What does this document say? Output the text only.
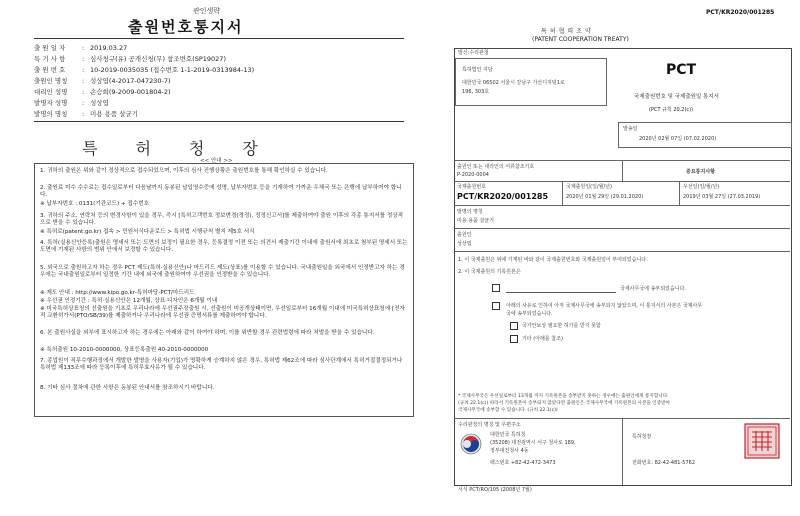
관인생략
출원번호통지서
출 원 일 자	: 2019.03.27
특 기 사 항	: 심사청구(유) 공개신청(무) 참조번호(SP19027)
출 원 번 호	: 10-2019-0035035 (접수번호 1-1-2019-0313984-13)
출원인 명칭 : 성상엽(4-2017-047230-7)
대리인 성명 : 손승희(9-2009-001804-2)
발명자 성명 : 성상엽
발명의 명칭 : 미용 용품 살균기
특허청장
<< 안내 >>

1. 귀하의 출원은 위와 같이 정상적으로 접수되었으며, 이후의 심사 진행상황은 출원번호를 통해 확인하실 수 있습니다.

2. 출원료 미수 수수료는 접수일로부터 다음날까지 동봉된 납입영수증에 성명, 납부자번호 등을 기재하여 가까운 우체국 또는 은행에 납부하여야 합니다.

※ 납부자번호 : 0131(기관코드) + 접수번호

3. 귀하의 주소, 연락처 등의 변경사항이 있을 경우, 즉시 [특허고객번호 정보변경(경정), 정정신고서]를 제출하여야 출원 이후의 각종 통지서를 정상적으로 받을 수 있습니다.

※ 특허로(patent.go.kr) 접속 > 민원서식다운로드 > 특허법 시행규칙 별지 제5호 서식

4. 특허(실용신안등록)출원은 명세서 또는 도면의 보정이 필요한 경우, 등록결정 이전 또는 의견서 제출기간 이내에 출원서에 최초로 첨부된 명세서 또는 도면에 기재된 사항의 범위 안에서 보정할 수 있습니다.

5. 외국으로 출원하고자 하는 경우 PCT 제도(특허·실용신안)나 마드리드 제도(상표)를 이용할 수 있습니다. 국내출원일을 외국에서 인정받고자 하는 경우에는 국내출원일로부터 일정한 기간 내에 외국에 출원하여야 우선권을 인정받을 수 있습니다.

※ 제도 안내 : http://www.kipo.go.kr-특허마당-PCT/마드리드

※ 우선권 인정기간 : 특허·실용신안은 12개월, 상표·디자인은 6개월 이내

※ 미국특허상표청의 선출원을 기초로 우리나라에 우선권주장출원 시, 선출원이 미공개상태이면, 우선일로부터 16개월 이내에 미국특허상표청에 [전자적 교환허가서(PTO/SB/39)를 제출하거나 우리나라에 우선권 증명서류를 제출하여야 합니다.

6. 본 출원사실을 외부에 표시하고자 하는 경우에는 아래와 같이 하여야 하며, 이를 위반할 경우 관련법령에 따라 처벌을 받을 수 있습니다.

※ 특허출원 10-2010-0000000, 상표등록출원 40-2010-0000000

7. 종업원이 직무수행과정에서 개발한 발명을 사용자(기업)가 명확하게 승계하지 않은 경우, 특허법 제62조에 따라 심사단계에서 특허거절결정되거나 특허법 제133조에 따라 등록이후에 특허무효사유가 될 수 있습니다.

8. 기타 심사 절차에 관한 사항은 동봉된 안내서를 참조하시기 바랍니다.

PCT/KR2020/001285
특허협력조약
(PATENT COOPERATION TREATY)
발신:수리관청
특허법인 지담
대한민국 06502 서울시 강남구 가산디지털1로
196, 303호
PCT
국제출원번호 및 국제출원일 통지서
(PCT 규칙 20.2(c))
발송일
2020년 02월 07일 (07.02.2020)
출원인 또는 대리인의 서류참조기호
P-2020-0004	중요통지사항
국제출원번호
PCT/KR2020/001285
국제출원일(일/월/년)
2020년 01월 29일 (29.01.2020)
우선일(일/월/년)
2019년 03월 27일 (27.03.2019)
발명의 명칭
미용 용품 살균기
출원인
성상엽
1. 이 국제출원은 위에 기재된 바와 같이 국제출원번호와 국제출원일이 부여되었습니다.
2. 이 국제출원의 기록원본은
국제사무국에 송부되었습니다.
아래의 사유로 인하여 아직 국제사무국에 송부되지 않았으며, 이 통지서의 사본은 국제사무
국에 송부되었습니다.
국가안보상 필요한 허가를 받지 못함
기타 (아래를 참조)
* 국제사무국은 우선일로부터 13개월 까지 기록원본을 송부받지 못하는 경우에는 출원인에게 통지합니다.
(규칙 22.1(c)) 따라서 기록원본이 송부되지 않았다면 출원인은 국제사무국에 기록원본의 사본을 인증받아
국제사무국에 송부할 수 있습니다. (규칙 22.1(c))
수리관청의 명칭 및 우편주소
대한민국 특허청
(35208) 대전광역시 서구 청사로 189,
정부대전청사 4동
팩스번호 +82-42-472-3473
특허청장
전화번호: 82-42-481-5762
서식 PCT/RO/105 (2008년 7월)
